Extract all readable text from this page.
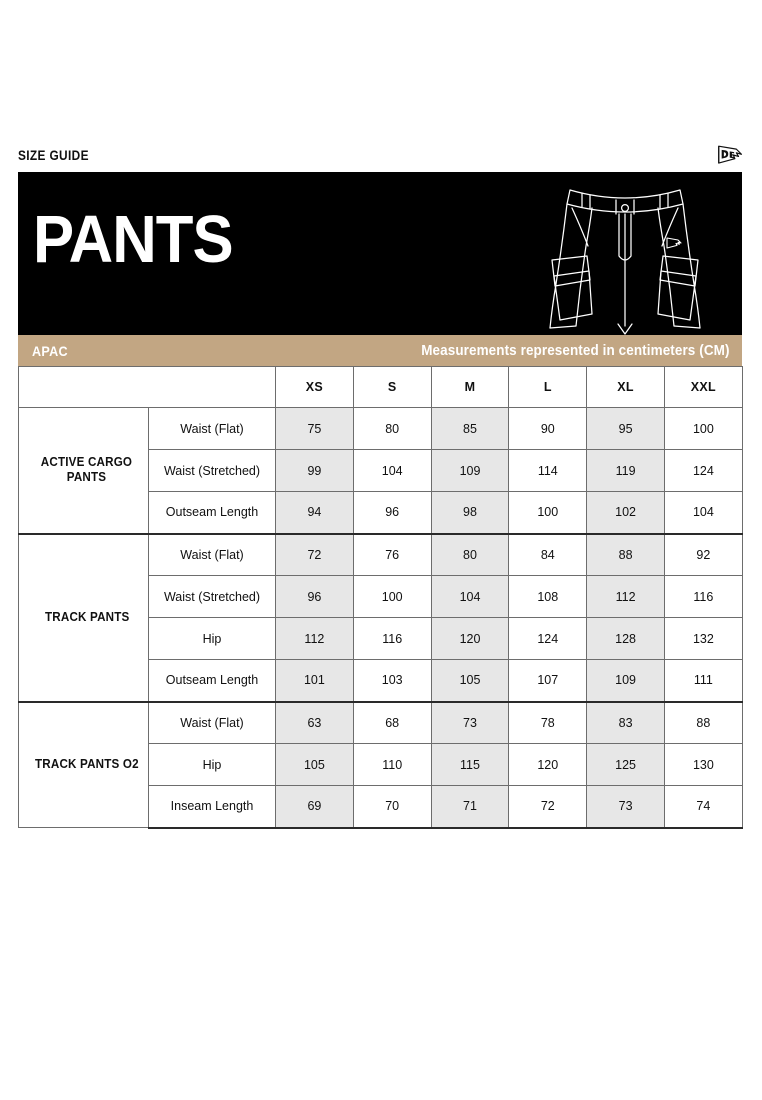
SIZE GUIDE
PANTS
APAC	Measurements represented in centimeters (CM)
		XS	S	M	L	XL	XXL
ACTIVE CARGO PANTS	Waist (Flat)	75	80	85	90	95	100
	Waist (Stretched)	99	104	109	114	119	124
	Outseam Length	94	96	98	100	102	104
TRACK PANTS	Waist (Flat)	72	76	80	84	88	92
	Waist (Stretched)	96	100	104	108	112	116
	Hip	112	116	120	124	128	132
	Outseam Length	101	103	105	107	109	111
TRACK PANTS O2	Waist (Flat)	63	68	73	78	83	88
	Hip	105	110	115	120	125	130
	Inseam Length	69	70	71	72	73	74
